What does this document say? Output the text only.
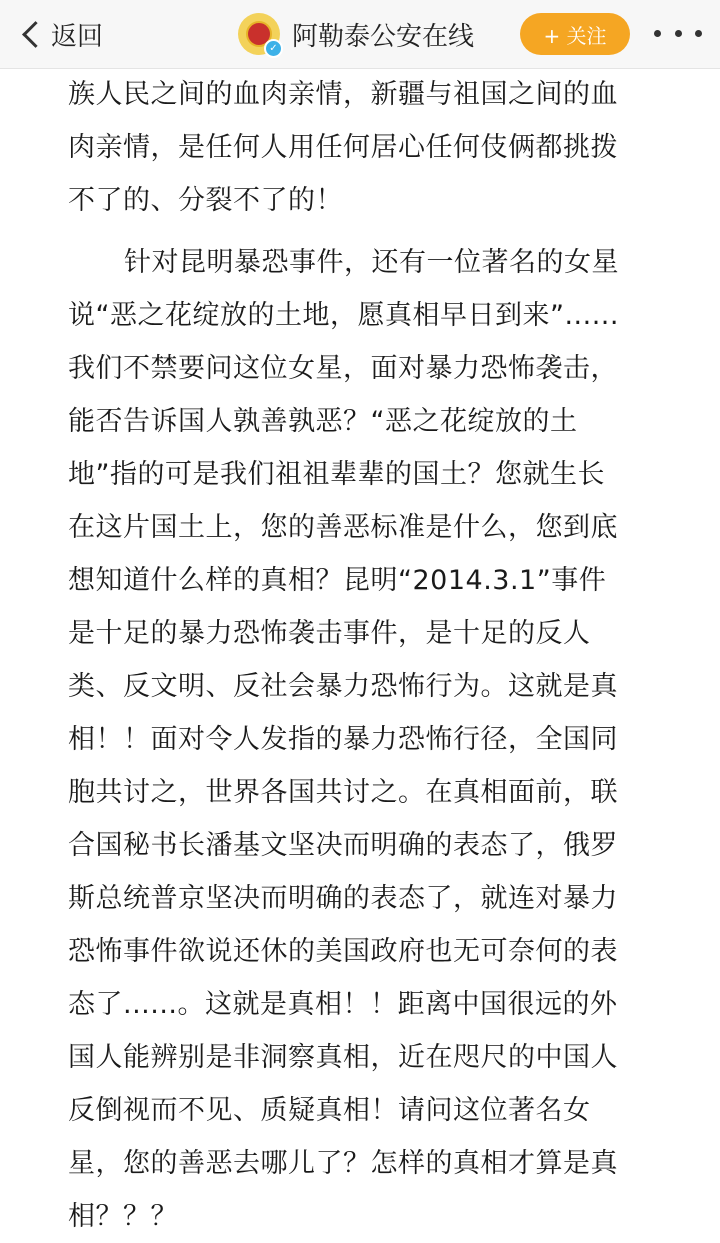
返回	✓ 阿勒泰公安在线	+ 关注
族人民之间的血肉亲情，新疆与祖国之间的血
肉亲情，是任何人用任何居心任何伎俩都挑拨
不了的、分裂不了的！
针对昆明暴恐事件，还有一位著名的女星
说“恶之花绽放的土地，愿真相早日到来”......
我们不禁要问这位女星，面对暴力恐怖袭击，
能否告诉国人孰善孰恶？“恶之花绽放的土
地”指的可是我们祖祖辈辈的国土？您就生长
在这片国土上，您的善恶标准是什么，您到底
想知道什么样的真相？昆明“2014.3.1”事件
是十足的暴力恐怖袭击事件，是十足的反人
类、反文明、反社会暴力恐怖行为。这就是真
相！！面对令人发指的暴力恐怖行径，全国同
胞共讨之，世界各国共讨之。在真相面前，联
合国秘书长潘基文坚决而明确的表态了，俄罗
斯总统普京坚决而明确的表态了，就连对暴力
恐怖事件欲说还休的美国政府也无可奈何的表
态了......。这就是真相！！距离中国很远的外
国人能辨别是非洞察真相，近在咫尺的中国人
反倒视而不见、质疑真相！请问这位著名女
星，您的善恶去哪儿了？怎样的真相才算是真
相？？？
